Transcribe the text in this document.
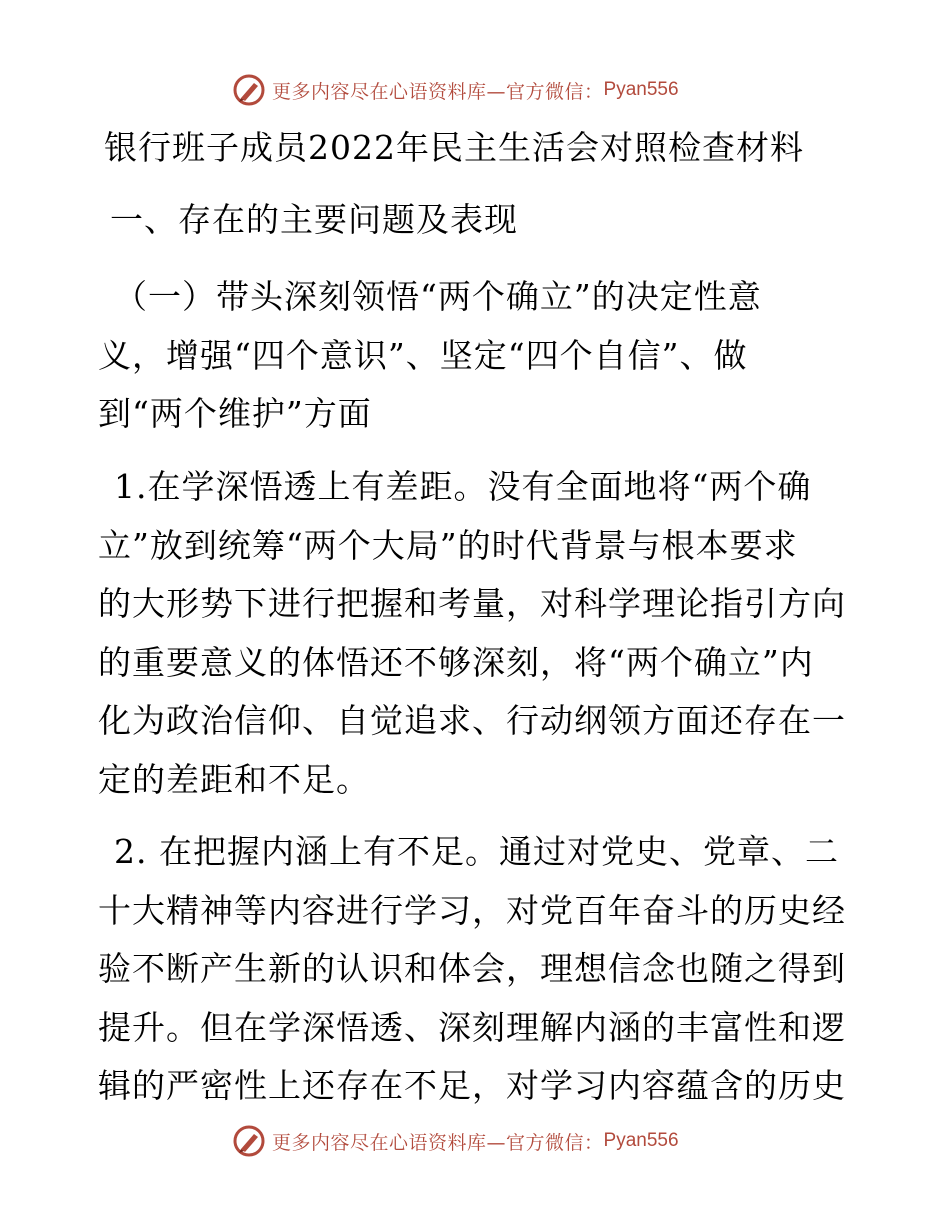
更多内容尽在心语资料库—官方微信： Pyan556
银行班子成员2022年民主生活会对照检查材料
一、存在的主要问题及表现
（一）带头深刻领悟“两个确立”的决定性意
义，增强“四个意识”、坚定“四个自信”、做
到“两个维护”方面
1.在学深悟透上有差距。没有全面地将“两个确
立”放到统筹“两个大局”的时代背景与根本要求
的大形势下进行把握和考量，对科学理论指引方向
的重要意义的体悟还不够深刻，将“两个确立”内
化为政治信仰、自觉追求、行动纲领方面还存在一
定的差距和不足。
2. 在把握内涵上有不足。通过对党史、党章、二
十大精神等内容进行学习，对党百年奋斗的历史经
验不断产生新的认识和体会，理想信念也随之得到
提升。但在学深悟透、深刻理解内涵的丰富性和逻
辑的严密性上还存在不足，对学习内容蕴含的历史
更多内容尽在心语资料库—官方微信： Pyan556
